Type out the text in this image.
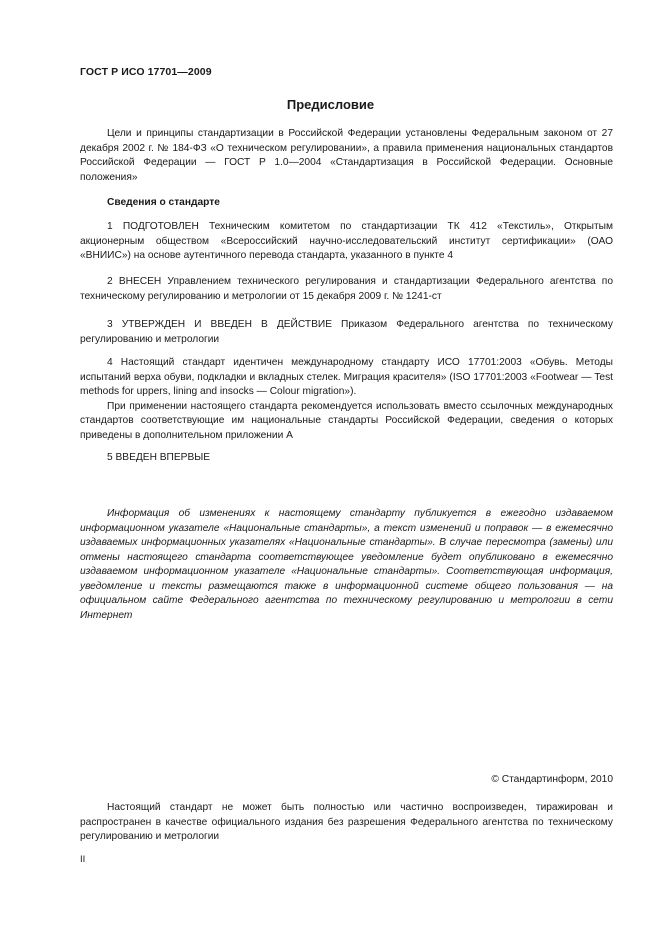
ГОСТ Р ИСО 17701—2009
Предисловие

Цели и принципы стандартизации в Российской Федерации установлены Федеральным законом от 27 декабря 2002 г. № 184-ФЗ «О техническом регулировании», а правила применения национальных стандартов Российской Федерации — ГОСТ Р 1.0—2004 «Стандартизация в Российской Федерации. Основные положения»

Сведения о стандарте

1 ПОДГОТОВЛЕН Техническим комитетом по стандартизации ТК 412 «Текстиль», Открытым акционерным обществом «Всероссийский научно-исследовательский институт сертификации» (ОАО «ВНИИС») на основе аутентичного перевода стандарта, указанного в пункте 4

2 ВНЕСЕН Управлением технического регулирования и стандартизации Федерального агентства по техническому регулированию и метрологии от 15 декабря 2009 г. № 1241-ст

3 УТВЕРЖДЕН И ВВЕДЕН В ДЕЙСТВИЕ Приказом Федерального агентства по техническому регулированию и метрологии

4 Настоящий стандарт идентичен международному стандарту ИСО 17701:2003 «Обувь. Методы испытаний верха обуви, подкладки и вкладных стелек. Миграция красителя» (ISO 17701:2003 «Footwear — Test methods for uppers, lining and insocks — Colour migration»).

При применении настоящего стандарта рекомендуется использовать вместо ссылочных международных стандартов соответствующие им национальные стандарты Российской Федерации, сведения о которых приведены в дополнительном приложении А

5 ВВЕДЕН ВПЕРВЫЕ

Информация об изменениях к настоящему стандарту публикуется в ежегодно издаваемом информационном указателе «Национальные стандарты», а текст изменений и поправок — в ежемесячно издаваемых информационных указателях «Национальные стандарты». В случае пересмотра (замены) или отмены настоящего стандарта соответствующее уведомление будет опубликовано в ежемесячно издаваемом информационном указателе «Национальные стандарты». Соответствующая информация, уведомление и тексты размещаются также в информационной системе общего пользования — на официальном сайте Федерального агентства по техническому регулированию и метрологии в сети Интернет

© Стандартинформ, 2010

Настоящий стандарт не может быть полностью или частично воспроизведен, тиражирован и распространен в качестве официального издания без разрешения Федерального агентства по техническому регулированию и метрологии

II
